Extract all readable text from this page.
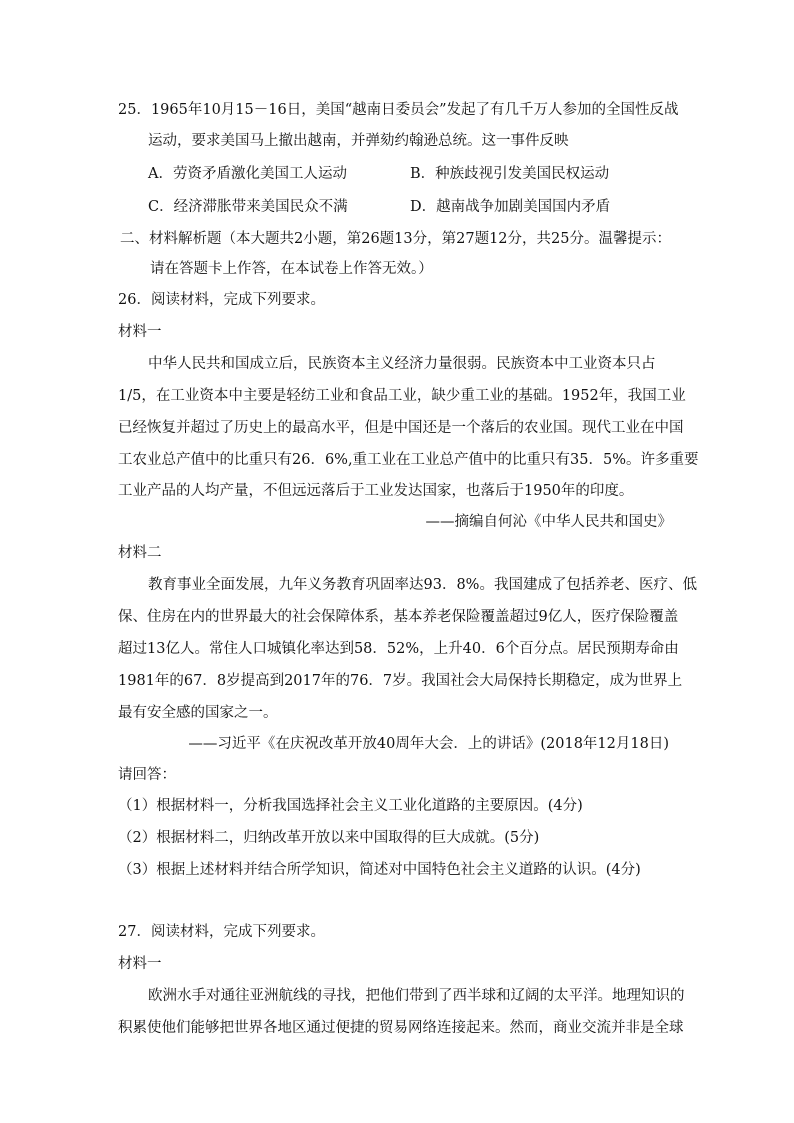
25．1965年10月15－16日，美国“越南日委员会”发起了有几千万人参加的全国性反战
运动，要求美国马上撤出越南，并弹劾约翰逊总统。这一事件反映
A．劳资矛盾激化美国工人运动	B．种族歧视引发美国民权运动
C．经济滞胀带来美国民众不满	D．越南战争加剧美国国内矛盾
二、材料解析题（本大题共2小题，第26题13分，第27题12分，共25分。温馨提示：
请在答题卡上作答，在本试卷上作答无效。）
26．阅读材料，完成下列要求。
材料一
中华人民共和国成立后，民族资本主义经济力量很弱。民族资本中工业资本只占
1/5，在工业资本中主要是轻纺工业和食品工业，缺少重工业的基础。1952年，我国工业
已经恢复并超过了历史上的最高水平，但是中国还是一个落后的农业国。现代工业在中国
工农业总产值中的比重只有26．6%,重工业在工业总产值中的比重只有35．5%。许多重要
工业产品的人均产量，不但远远落后于工业发达国家，也落后于1950年的印度。
——摘编自何沁《中华人民共和国史》
材料二
教育事业全面发展，九年义务教育巩固率达93．8%。我国建成了包括养老、医疗、低
保、住房在内的世界最大的社会保障体系，基本养老保险覆盖超过9亿人，医疗保险覆盖
超过13亿人。常住人口城镇化率达到58．52%，上升40．6个百分点。居民预期寿命由
1981年的67．8岁提高到2017年的76．7岁。我国社会大局保持长期稳定，成为世界上
最有安全感的国家之一。
——习近平《在庆祝改革开放40周年大会．上的讲话》(2018年12月18日)
请回答：
（1）根据材料一，分析我国选择社会主义工业化道路的主要原因。(4分)
（2）根据材料二，归纳改革开放以来中国取得的巨大成就。(5分)
（3）根据上述材料并结合所学知识，简述对中国特色社会主义道路的认识。(4分)
27．阅读材料，完成下列要求。
材料一
欧洲水手对通往亚洲航线的寻找，把他们带到了西半球和辽阔的太平洋。地理知识的
积累使他们能够把世界各地区通过便捷的贸易网络连接起来。然而，商业交流并非是全球
